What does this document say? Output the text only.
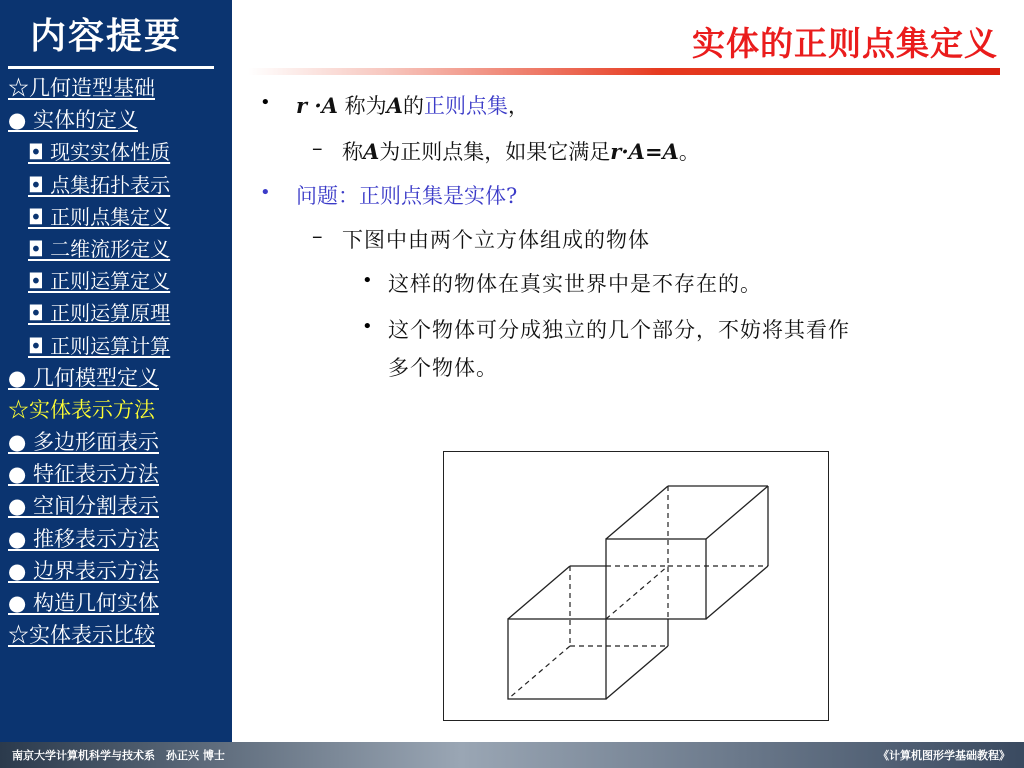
内容提要
☆几何造型基础
● 实体的定义
◘ 现实实体性质
◘ 点集拓扑表示
◘ 正则点集定义
◘ 二维流形定义
◘ 正则运算定义
◘ 正则运算原理
◘ 正则运算计算
● 几何模型定义
☆实体表示方法
● 多边形面表示
● 特征表示方法
● 空间分割表示
● 推移表示方法
● 边界表示方法
● 构造几何实体
☆实体表示比较
实体的正则点集定义
• r ·A 称为A的正则点集，
– 称A为正则点集，如果它满足r·A=A。
• 问题：正则点集是实体?
– 下图中由两个立方体组成的物体
• 这样的物体在真实世界中是不存在的。
• 这个物体可分成独立的几个部分，不妨将其看作
多个物体。
南京大学计算机科学与技术系　孙正兴 博士	《计算机图形学基础教程》
